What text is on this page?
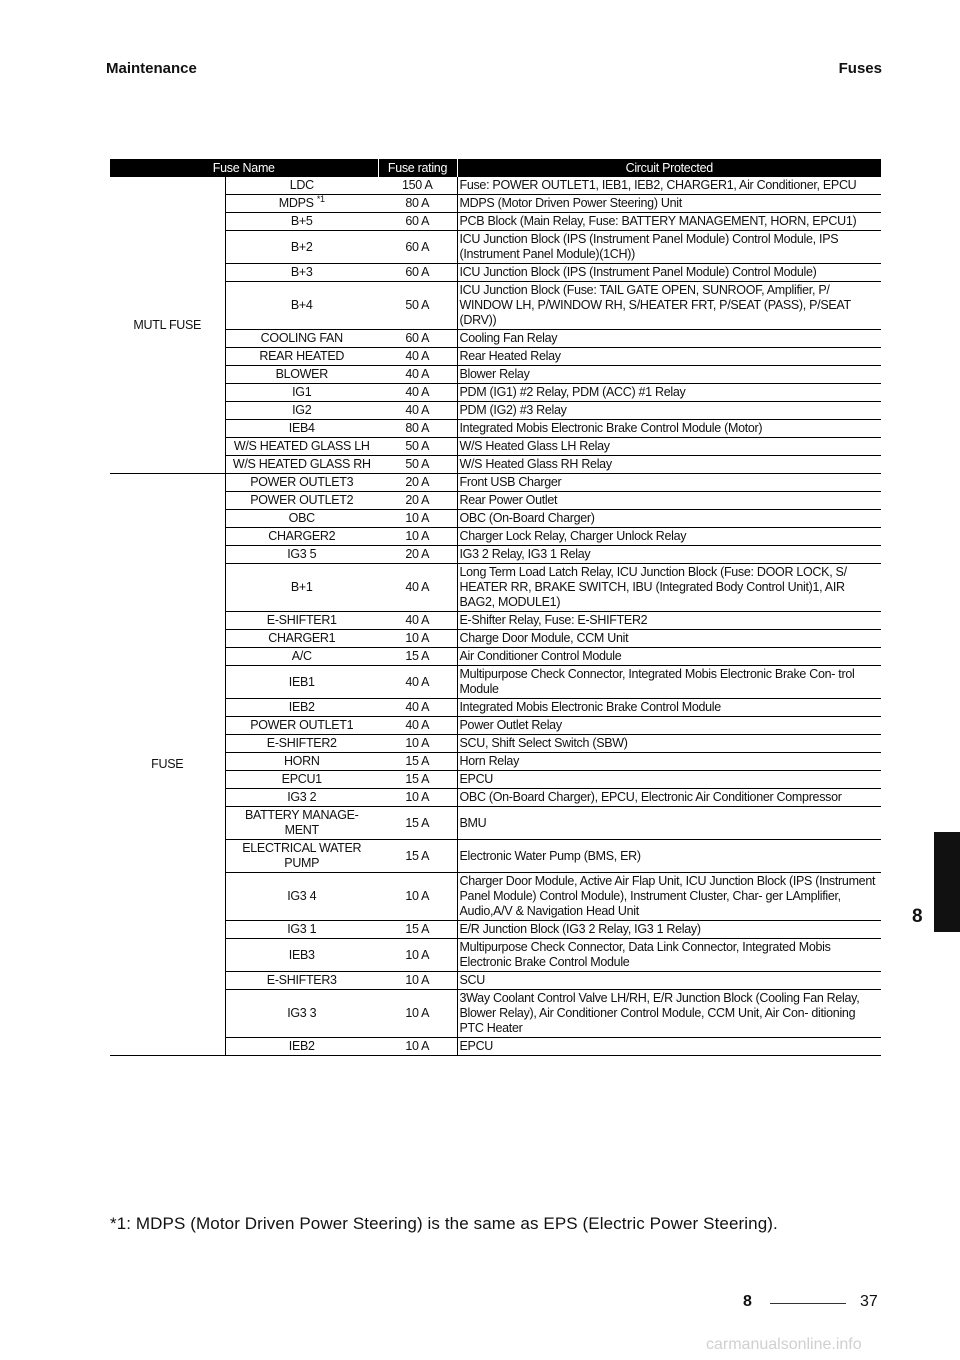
Maintenance	Fuses
Fuse Name		Fuse rating	Circuit Protected
MUTL FUSE	LDC	150 A	Fuse: POWER OUTLET1, IEB1, IEB2, CHARGER1, Air Conditioner, EPCU
	MDPS $^{*1}$	80 A	MDPS (Motor Driven Power Steering) Unit
	B+5	60 A	PCB Block (Main Relay, Fuse: BATTERY MANAGEMENT, HORN, EPCU1)
	B+2	60 A	ICU Junction Block (IPS (Instrument Panel Module) Control Module, IPS (Instrument Panel Module)(1CH))
	B+3	60 A	ICU Junction Block (IPS (Instrument Panel Module) Control Module)
	B+4	50 A	ICU Junction Block (Fuse: TAIL GATE OPEN, SUNROOF, Amplifier, P/ WINDOW LH, P/WINDOW RH, S/HEATER FRT, P/SEAT (PASS), P/SEAT (DRV))
	COOLING FAN	60 A	Cooling Fan Relay
	REAR HEATED	40 A	Rear Heated Relay
	BLOWER	40 A	Blower Relay
	IG1	40 A	PDM (IG1) #2 Relay, PDM (ACC) #1 Relay
	IG2	40 A	PDM (IG2) #3 Relay
	IEB4	80 A	Integrated Mobis Electronic Brake Control Module (Motor)
	W/S HEATED GLASS LH	50 A	W/S Heated Glass LH Relay
	W/S HEATED GLASS RH	50 A	W/S Heated Glass RH Relay
FUSE	POWER OUTLET3	20 A	Front USB Charger
	POWER OUTLET2	20 A	Rear Power Outlet
	OBC	10 A	OBC (On-Board Charger)
	CHARGER2	10 A	Charger Lock Relay, Charger Unlock Relay
	IG3 5	20 A	IG3 2 Relay, IG3 1 Relay
	B+1	40 A	Long Term Load Latch Relay, ICU Junction Block (Fuse: DOOR LOCK, S/ HEATER RR, BRAKE SWITCH, IBU (Integrated Body Control Unit)1, AIR BAG2, MODULE1)
	E-SHIFTER1	40 A	E-Shifter Relay, Fuse: E-SHIFTER2
	CHARGER1	10 A	Charge Door Module, CCM Unit
	A/C	15 A	Air Conditioner Control Module
	IEB1	40 A	Multipurpose Check Connector, Integrated Mobis Electronic Brake Con- trol Module
	IEB2	40 A	Integrated Mobis Electronic Brake Control Module
	POWER OUTLET1	40 A	Power Outlet Relay
	E-SHIFTER2	10 A	SCU, Shift Select Switch (SBW)
	HORN	15 A	Horn Relay
	EPCU1	15 A	EPCU
	IG3 2	10 A	OBC (On-Board Charger), EPCU, Electronic Air Conditioner Compressor
	BATTERY MANAGE- MENT	15 A	BMU
	ELECTRICAL WATER PUMP	15 A	Electronic Water Pump (BMS, ER)
	IG3 4	10 A	Charger Door Module, Active Air Flap Unit, ICU Junction Block (IPS (Instrument Panel Module) Control Module), Instrument Cluster, Char- ger LAmplifier, Audio,A/V & Navigation Head Unit
	IG3 1	15 A	E/R Junction Block (IG3 2 Relay, IG3 1 Relay)
	IEB3	10 A	Multipurpose Check Connector, Data Link Connector, Integrated Mobis Electronic Brake Control Module
	E-SHIFTER3	10 A	SCU
	IG3 3	10 A	3Way Coolant Control Valve LH/RH, E/R Junction Block (Cooling Fan Relay, Blower Relay), Air Conditioner Control Module, CCM Unit, Air Con- ditioning PTC Heater
	IEB2	10 A	EPCU
*1: MDPS (Motor Driven Power Steering) is the same as EPS (Electric Power Steering).
8
8	37
carmanualsonline.info
